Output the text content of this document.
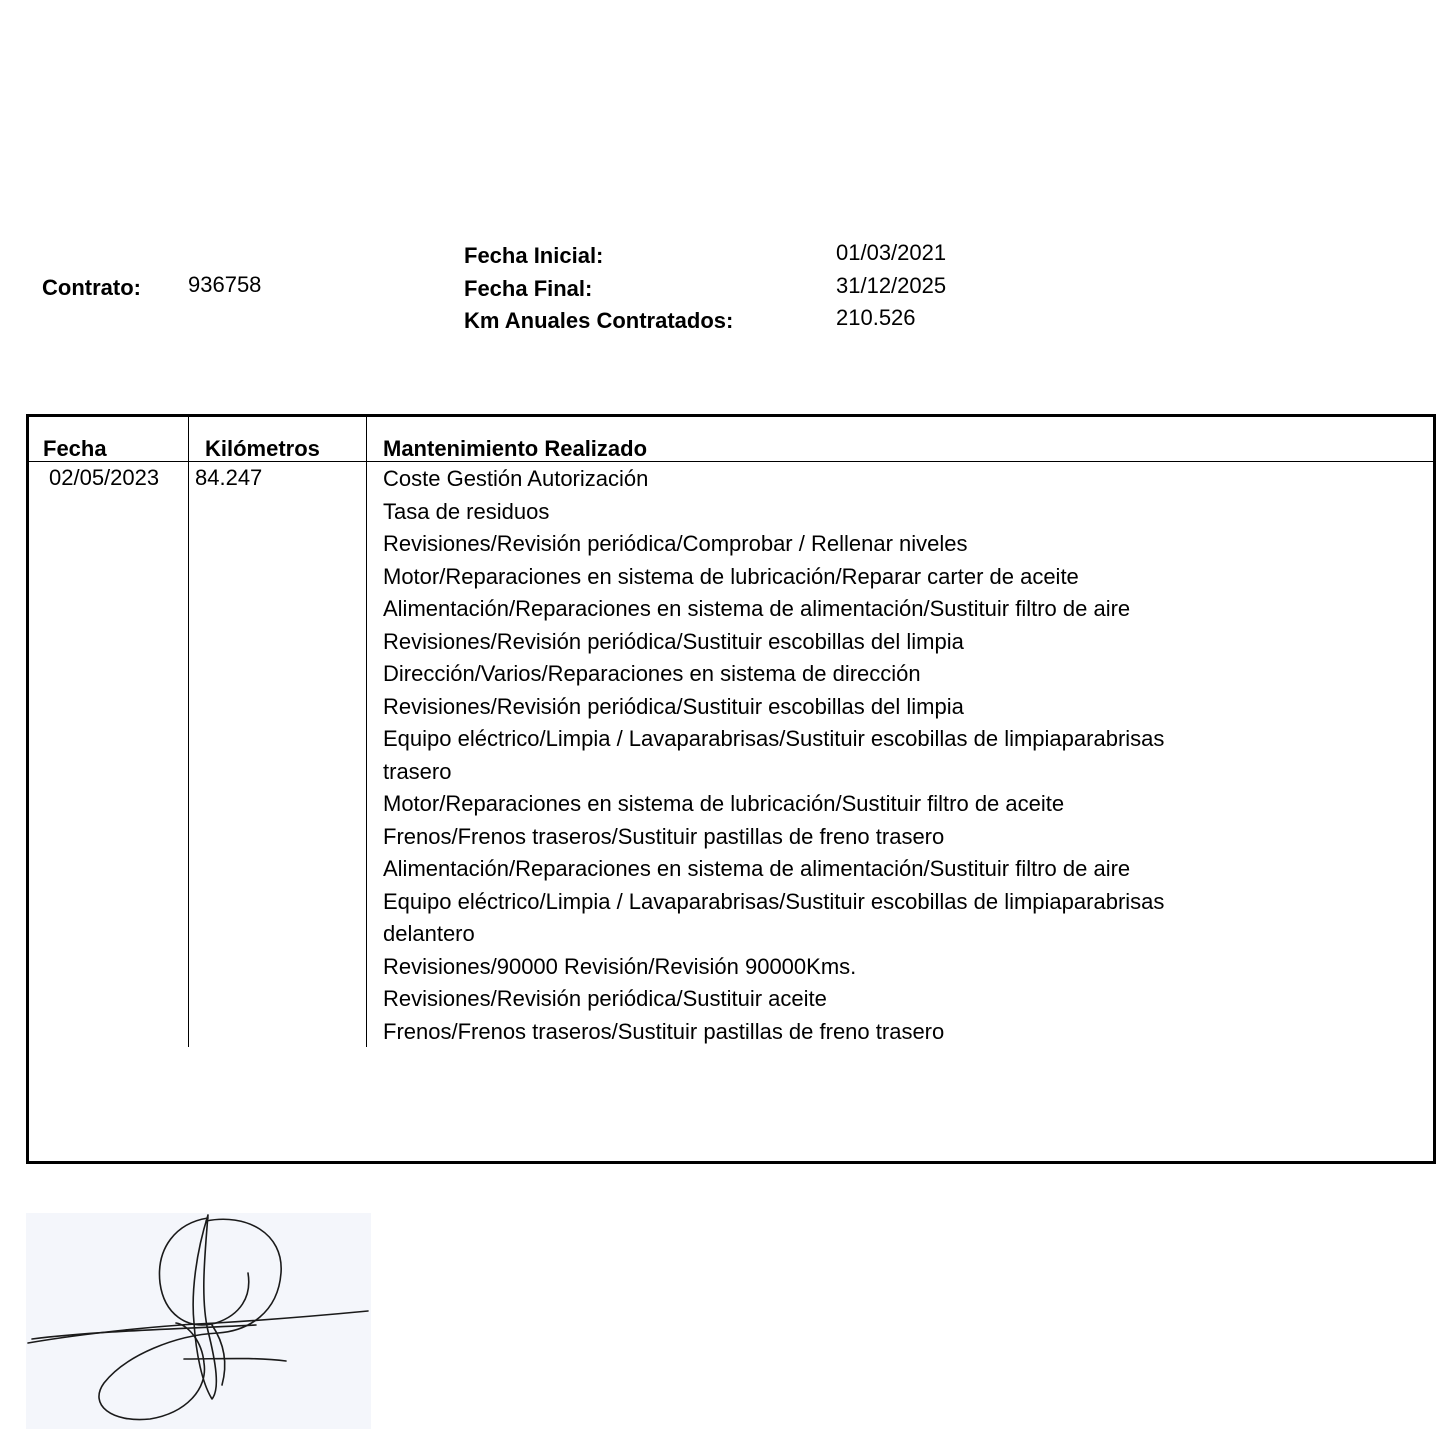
Contrato: 936758
Fecha Inicial:	01/03/2021
Fecha Final:	31/12/2025
Km Anuales Contratados:	210.526
Fecha	Kilómetros	Mantenimiento Realizado
02/05/2023 84.247	Coste Gestión Autorización
Tasa de residuos
Revisiones/Revisión periódica/Comprobar / Rellenar niveles
Motor/Reparaciones en sistema de lubricación/Reparar carter de aceite
Alimentación/Reparaciones en sistema de alimentación/Sustituir filtro de aire
Revisiones/Revisión periódica/Sustituir escobillas del limpia
Dirección/Varios/Reparaciones en sistema de dirección
Revisiones/Revisión periódica/Sustituir escobillas del limpia
Equipo eléctrico/Limpia / Lavaparabrisas/Sustituir escobillas de limpiaparabrisas
trasero
Motor/Reparaciones en sistema de lubricación/Sustituir filtro de aceite
Frenos/Frenos traseros/Sustituir pastillas de freno trasero
Alimentación/Reparaciones en sistema de alimentación/Sustituir filtro de aire
Equipo eléctrico/Limpia / Lavaparabrisas/Sustituir escobillas de limpiaparabrisas
delantero
Revisiones/90000 Revisión/Revisión 90000Kms.
Revisiones/Revisión periódica/Sustituir aceite
Frenos/Frenos traseros/Sustituir pastillas de freno trasero
